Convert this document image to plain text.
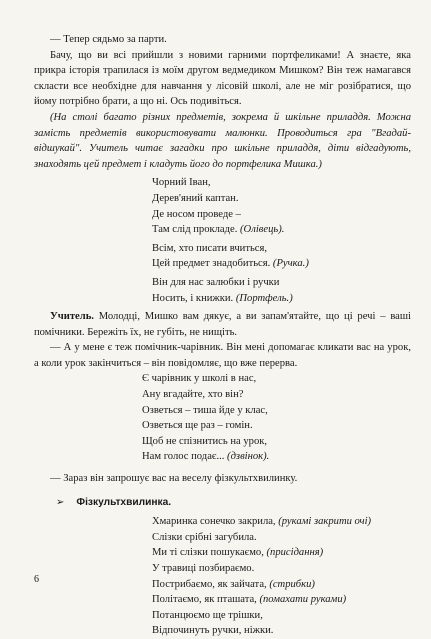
— Тепер сядьмо за парти.

Бачу, що ви всі прийшли з новими гарними портфеликами! А знаєте, яка прикра історія трапилася із моїм другом ведмедиком Мишком? Він теж намагався скласти все необхідне для навчання у лісовій школі, але не міг розібратися, що йому потрібно брати, а що ні. Ось подивіться.

(На столі багато різних предметів, зокрема й шкільне приладдя. Можна замість предметів використовувати малюнки. Проводиться гра "Вгадай-відшукай". Учитель читає загадки про шкільне приладдя, діти відгадують, знаходять цей предмет і кладуть його до портфелика Мишка.)

Чорний Іван,
Дерев'яний каптан.
Де носом проведе –
Там слід прокладе. (Олівець).
Всім, хто писати вчиться,
Цей предмет знадобиться. (Ручка.)
Він для нас залюбки і ручки
Носить, і книжки. (Портфель.)

Учитель. Молодці, Мишко вам дякує, а ви запам'ятайте, що ці речі – ваші помічники. Бережіть їх, не губіть, не нищіть.

— А у мене є теж помічник-чарівник. Він мені допомагає кликати вас на урок, а коли урок закінчиться – він повідомляє, що вже перерва.

Є чарівник у школі в нас,
Ану вгадайте, хто він?
Озветься – тиша йде у клас,
Озветься ще раз – гомін.
Щоб не спізнитись на урок,
Нам голос подає... (дзвінок).

— Зараз він запрошує вас на веселу фізкультхвилинку.

➢ Фізкультхвилинка.
Хмаринка сонечко закрила, (рукамі закрити очі)
Слізки срібні загубила.
Ми ті слізки пошукаємо, (присідання)
У травиці позбираємо.
Пострибаємо, як зайчата, (стрибки)
Політаємо, як пташата, (помахати руками)
Потанцюємо ще трішки,
Відпочинуть ручки, ніжки.
6
